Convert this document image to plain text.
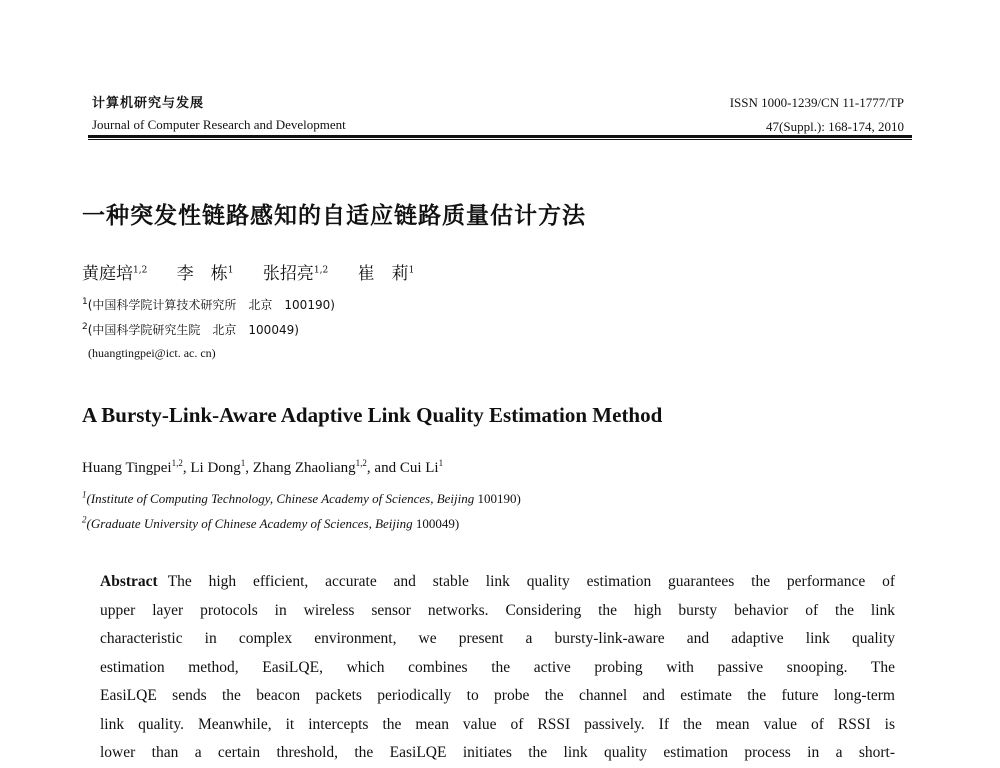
计算机研究与发展
Journal of Computer Research and Development
ISSN 1000-1239/CN 11-1777/TP
47(Suppl.): 168-174, 2010
一种突发性链路感知的自适应链路质量估计方法
黄庭培$^{1,2}$ 李　栋$^1$ 张招亮$^{1,2}$ 崔　莉$^1$
$^1$(中国科学院计算技术研究所　北京　100190)
$^2$(中国科学院研究生院　北京　100049)
(huangtingpei@ict. ac. cn)
A Bursty-Link-Aware Adaptive Link Quality Estimation Method
Huang Tingpei$^{1,2}$, Li Dong$^1$, Zhang Zhaoliang$^{1,2}$, and Cui Li$^1$
$^1$(Institute of Computing Technology, Chinese Academy of Sciences, Beijing 100190)
$^2$(Graduate University of Chinese Academy of Sciences, Beijing 100049)
Abstract The high efficient, accurate and stable link quality estimation guarantees the performance of
upper layer protocols in wireless sensor networks. Considering the high bursty behavior of the link
characteristic in complex environment, we present a bursty-link-aware and adaptive link quality
estimation method, EasiLQE, which combines the active probing with passive snooping. The
EasiLQE sends the beacon packets periodically to probe the channel and estimate the future long-term
link quality. Meanwhile, it intercepts the mean value of RSSI passively. If the mean value of RSSI is
lower than a certain threshold, the EasiLQE initiates the link quality estimation process in a short-
